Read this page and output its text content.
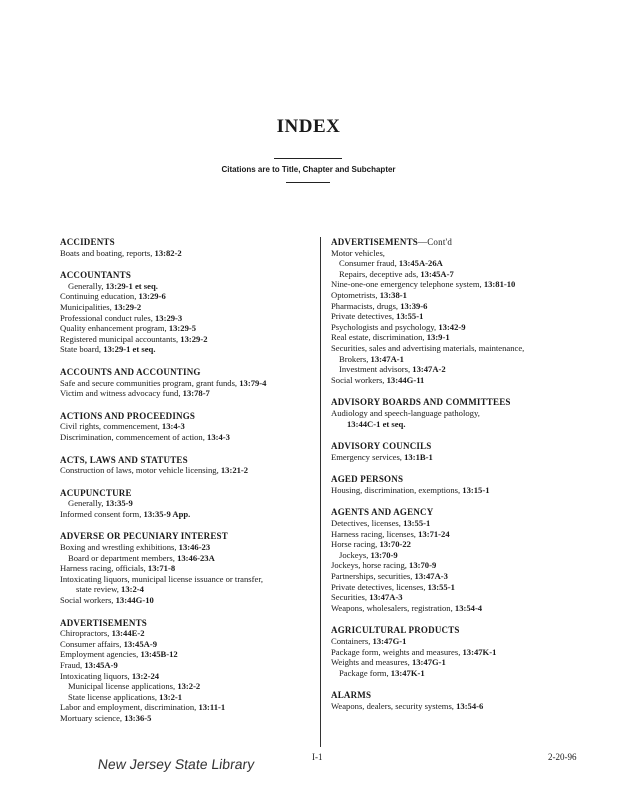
INDEX
Citations are to Title, Chapter and Subchapter
ACCIDENTS
Boats and boating, reports, 13:82-2
ACCOUNTANTS
Generally, 13:29-1 et seq.
Continuing education, 13:29-6
Municipalities, 13:29-2
Professional conduct rules, 13:29-3
Quality enhancement program, 13:29-5
Registered municipal accountants, 13:29-2
State board, 13:29-1 et seq.
ACCOUNTS AND ACCOUNTING
Safe and secure communities program, grant funds, 13:79-4
Victim and witness advocacy fund, 13:78-7
ACTIONS AND PROCEEDINGS
Civil rights, commencement, 13:4-3
Discrimination, commencement of action, 13:4-3
ACTS, LAWS AND STATUTES
Construction of laws, motor vehicle licensing, 13:21-2
ACUPUNCTURE
Generally, 13:35-9
Informed consent form, 13:35-9 App.
ADVERSE OR PECUNIARY INTEREST
Boxing and wrestling exhibitions, 13:46-23
Board or department members, 13:46-23A
Harness racing, officials, 13:71-8
Intoxicating liquors, municipal license issuance or transfer,
state review, 13:2-4
Social workers, 13:44G-10
ADVERTISEMENTS
Chiropractors, 13:44E-2
Consumer affairs, 13:45A-9
Employment agencies, 13:45B-12
Fraud, 13:45A-9
Intoxicating liquors, 13:2-24
Municipal license applications, 13:2-2
State license applications, 13:2-1
Labor and employment, discrimination, 13:11-1
Mortuary science, 13:36-5
ADVERTISEMENTS—Cont'd
Motor vehicles,
Consumer fraud, 13:45A-26A
Repairs, deceptive ads, 13:45A-7
Nine-one-one emergency telephone system, 13:81-10
Optometrists, 13:38-1
Pharmacists, drugs, 13:39-6
Private detectives, 13:55-1
Psychologists and psychology, 13:42-9
Real estate, discrimination, 13:9-1
Securities, sales and advertising materials, maintenance,
Brokers, 13:47A-1
Investment advisors, 13:47A-2
Social workers, 13:44G-11
ADVISORY BOARDS AND COMMITTEES
Audiology and speech-language pathology,
13:44C-1 et seq.
ADVISORY COUNCILS
Emergency services, 13:1B-1
AGED PERSONS
Housing, discrimination, exemptions, 13:15-1
AGENTS AND AGENCY
Detectives, licenses, 13:55-1
Harness racing, licenses, 13:71-24
Horse racing, 13:70-22
Jockeys, 13:70-9
Jockeys, horse racing, 13:70-9
Partnerships, securities, 13:47A-3
Private detectives, licenses, 13:55-1
Securities, 13:47A-3
Weapons, wholesalers, registration, 13:54-4
AGRICULTURAL PRODUCTS
Containers, 13:47G-1
Package form, weights and measures, 13:47K-1
Weights and measures, 13:47G-1
Package form, 13:47K-1
ALARMS
Weapons, dealers, security systems, 13:54-6
I-1	2-20-96
New Jersey State Library
